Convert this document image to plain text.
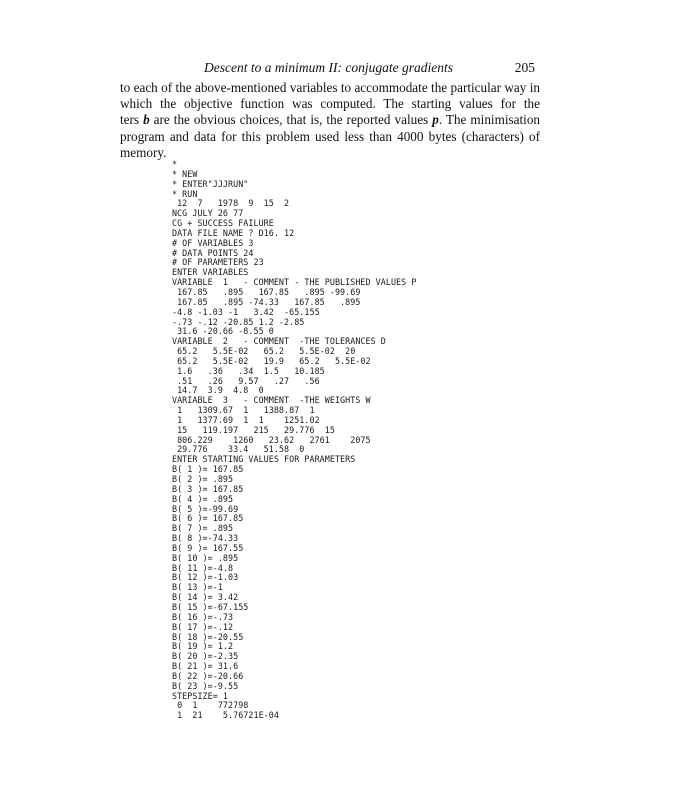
Descent to a minimum II: conjugate gradients	205
to each of the above-mentioned variables to accommodate the particular way in
which the objective function was computed. The starting values for the
ters b are the obvious choices, that is, the reported values p. The minimisation
program and data for this problem used less than 4000 bytes (characters) of
memory.
*
* NEW
* ENTER"JJJRUN"
* RUN
12  7   1978  9  15  2
NCG JULY 26 77
CG + SUCCESS FAILURE
DATA FILE NAME ? D16. 12
# OF VARIABLES 3
# DATA POINTS 24
# OF PARAMETERS 23
ENTER VARIABLES
VARIABLE  1   - COMMENT - THE PUBLISHED VALUES P
167.85   .895   167.85   .895 -99.69
167.85   .895 -74.33   167.85   .895
-4.8 -1.03 -1   3.42  -65.155
-.73 -.12 -20.85 1.2 -2.85
31.6 -20.66 -8.55 0
VARIABLE  2   - COMMENT  -THE TOLERANCES D
65.2   5.5E-02   65.2   5.5E-02  20
65.2   5.5E-02   19.9   65.2   5.5E-02
1.6   .36   .34  1.5   10.185
.51   .26   9.57   .27   .56
14.7  3.9  4.8  0
VARIABLE  3   - COMMENT  -THE WEIGHTS W
1   1309.67  1   1388.87  1
1   1377.69  1  1    1251.02
15   119.197   215   29.776  15
806.229    1260   23.62   2761    2075
29.776    33.4   51.58  0
ENTER STARTING VALUES FOR PARAMETERS
B( 1 )= 167.85
B( 2 )= .895
B( 3 )= 167.85
B( 4 )= .895
B( 5 )=-99.69
B( 6 )= 167.85
B( 7 )= .895
B( 8 )=-74.33
B( 9 )= 167.55
B( 10 )= .895
B( 11 )=-4.8
B( 12 )=-1.03
B( 13 )=-1
B( 14 )= 3.42
B( 15 )=-67.155
B( 16 )=-.73
B( 17 )=-.12
B( 18 )=-20.55
B( 19 )= 1.2
B( 20 )=-2.35
B( 21 )= 31.6
B( 22 )=-20.66
B( 23 )=-9.55
STEPSIZE= 1
0  1    772798
1  21    5.76721E-04
